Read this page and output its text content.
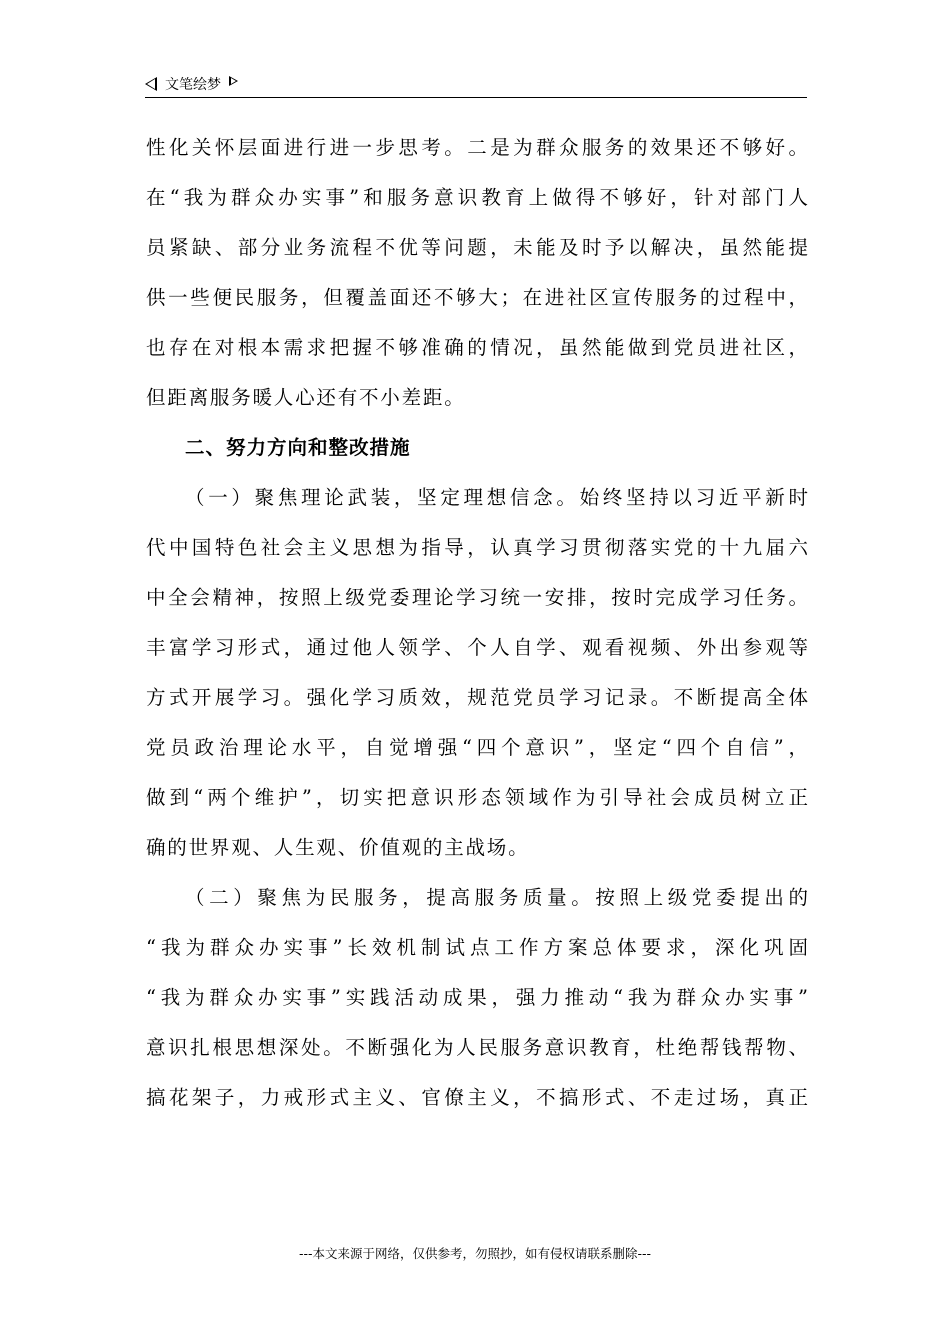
文笔绘梦
性化关怀层面进行进一步思考。二是为群众服务的效果还不够好。
在“我为群众办实事”和服务意识教育上做得不够好，针对部门人
员紧缺、部分业务流程不优等问题，未能及时予以解决，虽然能提
供一些便民服务，但覆盖面还不够大；在进社区宣传服务的过程中，
也存在对根本需求把握不够准确的情况，虽然能做到党员进社区，
但距离服务暖人心还有不小差距。
二、努力方向和整改措施
（一）聚焦理论武装，坚定理想信念。始终坚持以习近平新时
代中国特色社会主义思想为指导，认真学习贯彻落实党的十九届六
中全会精神，按照上级党委理论学习统一安排，按时完成学习任务。
丰富学习形式，通过他人领学、个人自学、观看视频、外出参观等
方式开展学习。强化学习质效，规范党员学习记录。不断提高全体
党员政治理论水平，自觉增强“四个意识”，坚定“四个自信”，
做到“两个维护”，切实把意识形态领域作为引导社会成员树立正
确的世界观、人生观、价值观的主战场。
（二）聚焦为民服务，提高服务质量。按照上级党委提出的
“我为群众办实事”长效机制试点工作方案总体要求，深化巩固
“我为群众办实事”实践活动成果，强力推动“我为群众办实事”
意识扎根思想深处。不断强化为人民服务意识教育，杜绝帮钱帮物、
搞花架子，力戒形式主义、官僚主义，不搞形式、不走过场，真正
---本文来源于网络，仅供参考，勿照抄，如有侵权请联系删除---
